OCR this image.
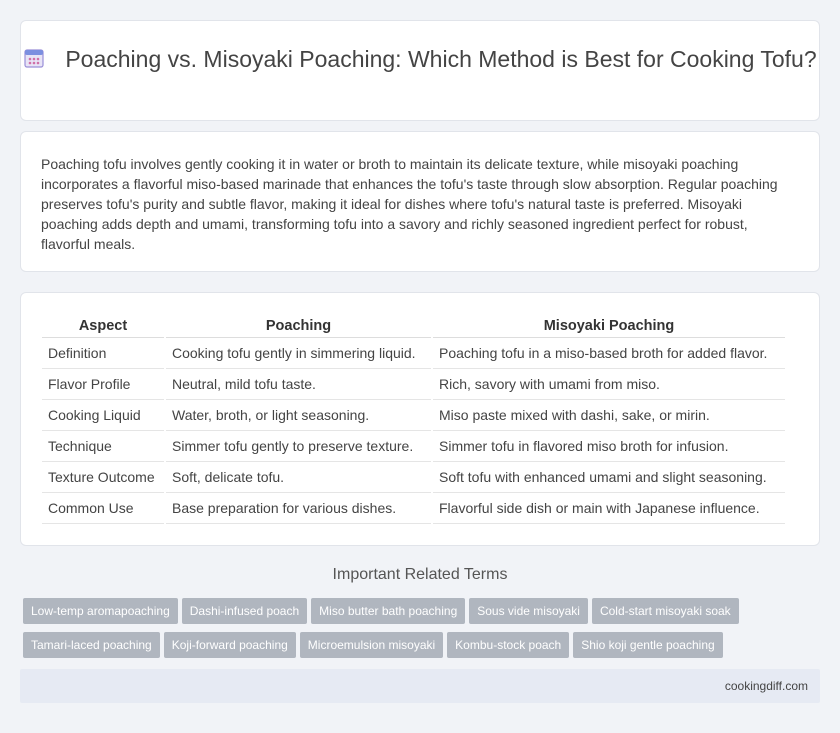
Poaching vs. Misoyaki Poaching: Which Method is Best for Cooking Tofu?

Poaching tofu involves gently cooking it in water or broth to maintain its delicate texture, while misoyaki poaching incorporates a flavorful miso-based marinade that enhances the tofu's taste through slow absorption. Regular poaching preserves tofu's purity and subtle flavor, making it ideal for dishes where tofu's natural taste is preferred. Misoyaki poaching adds depth and umami, transforming tofu into a savory and richly seasoned ingredient perfect for robust, flavorful meals.

Aspect	Poaching	Misoyaki Poaching
Definition	Cooking tofu gently in simmering liquid.	Poaching tofu in a miso-based broth for added flavor.
Flavor Profile	Neutral, mild tofu taste.	Rich, savory with umami from miso.
Cooking Liquid	Water, broth, or light seasoning.	Miso paste mixed with dashi, sake, or mirin.
Technique	Simmer tofu gently to preserve texture.	Simmer tofu in flavored miso broth for infusion.
Texture Outcome	Soft, delicate tofu.	Soft tofu with enhanced umami and slight seasoning.
Common Use	Base preparation for various dishes.	Flavorful side dish or main with Japanese influence.
Important Related Terms
Low-temp aromapoaching Dashi-infused poach Miso butter bath poaching Sous vide misoyaki Cold-start misoyaki soak
Tamari-laced poaching Koji-forward poaching Microemulsion misoyaki Kombu-stock poach Shio koji gentle poaching
cookingdiff.com
